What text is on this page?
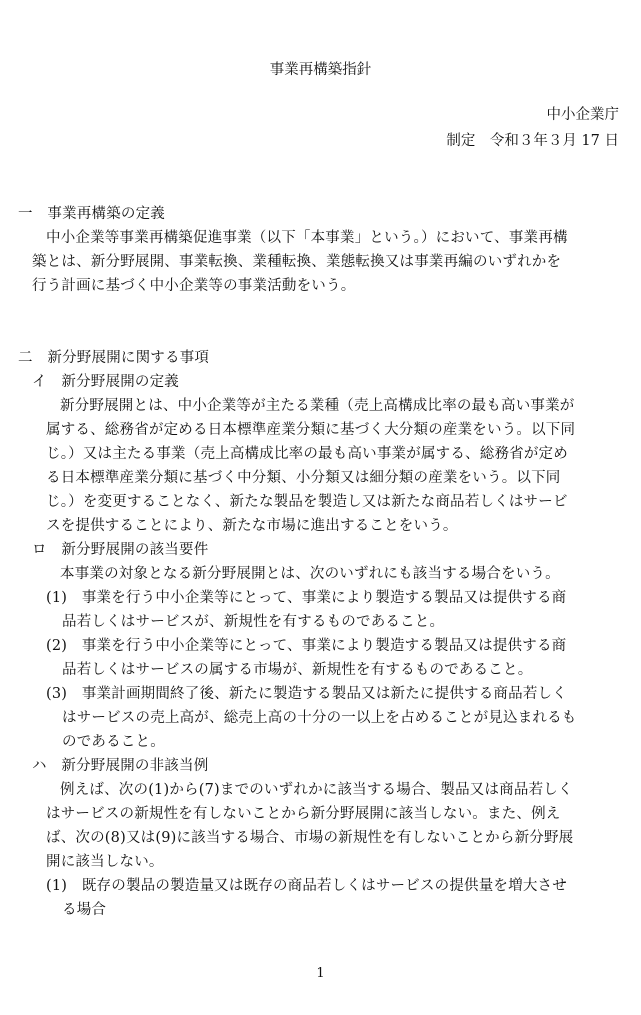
事業再構築指針
中小企業庁
制定　令和３年３月 17 日
一　事業再構築の定義
中小企業等事業再構築促進事業（以下「本事業」という。）において、事業再構
築とは、新分野展開、事業転換、業種転換、業態転換又は事業再編のいずれかを
行う計画に基づく中小企業等の事業活動をいう。
二　新分野展開に関する事項
イ　新分野展開の定義
新分野展開とは、中小企業等が主たる業種（売上高構成比率の最も高い事業が
属する、総務省が定める日本標準産業分類に基づく大分類の産業をいう。以下同
じ。）又は主たる事業（売上高構成比率の最も高い事業が属する、総務省が定め
る日本標準産業分類に基づく中分類、小分類又は細分類の産業をいう。以下同
じ。）を変更することなく、新たな製品を製造し又は新たな商品若しくはサービ
スを提供することにより、新たな市場に進出することをいう。
ロ　新分野展開の該当要件
本事業の対象となる新分野展開とは、次のいずれにも該当する場合をいう。
(1)　事業を行う中小企業等にとって、事業により製造する製品又は提供する商
品若しくはサービスが、新規性を有するものであること。
(2)　事業を行う中小企業等にとって、事業により製造する製品又は提供する商
品若しくはサービスの属する市場が、新規性を有するものであること。
(3)　事業計画期間終了後、新たに製造する製品又は新たに提供する商品若しく
はサービスの売上高が、総売上高の十分の一以上を占めることが見込まれるも
のであること。
ハ　新分野展開の非該当例
例えば、次の(1)から(7)までのいずれかに該当する場合、製品又は商品若しく
はサービスの新規性を有しないことから新分野展開に該当しない。また、例え
ば、次の(8)又は(9)に該当する場合、市場の新規性を有しないことから新分野展
開に該当しない。
(1)　既存の製品の製造量又は既存の商品若しくはサービスの提供量を増大させ
る場合
1
